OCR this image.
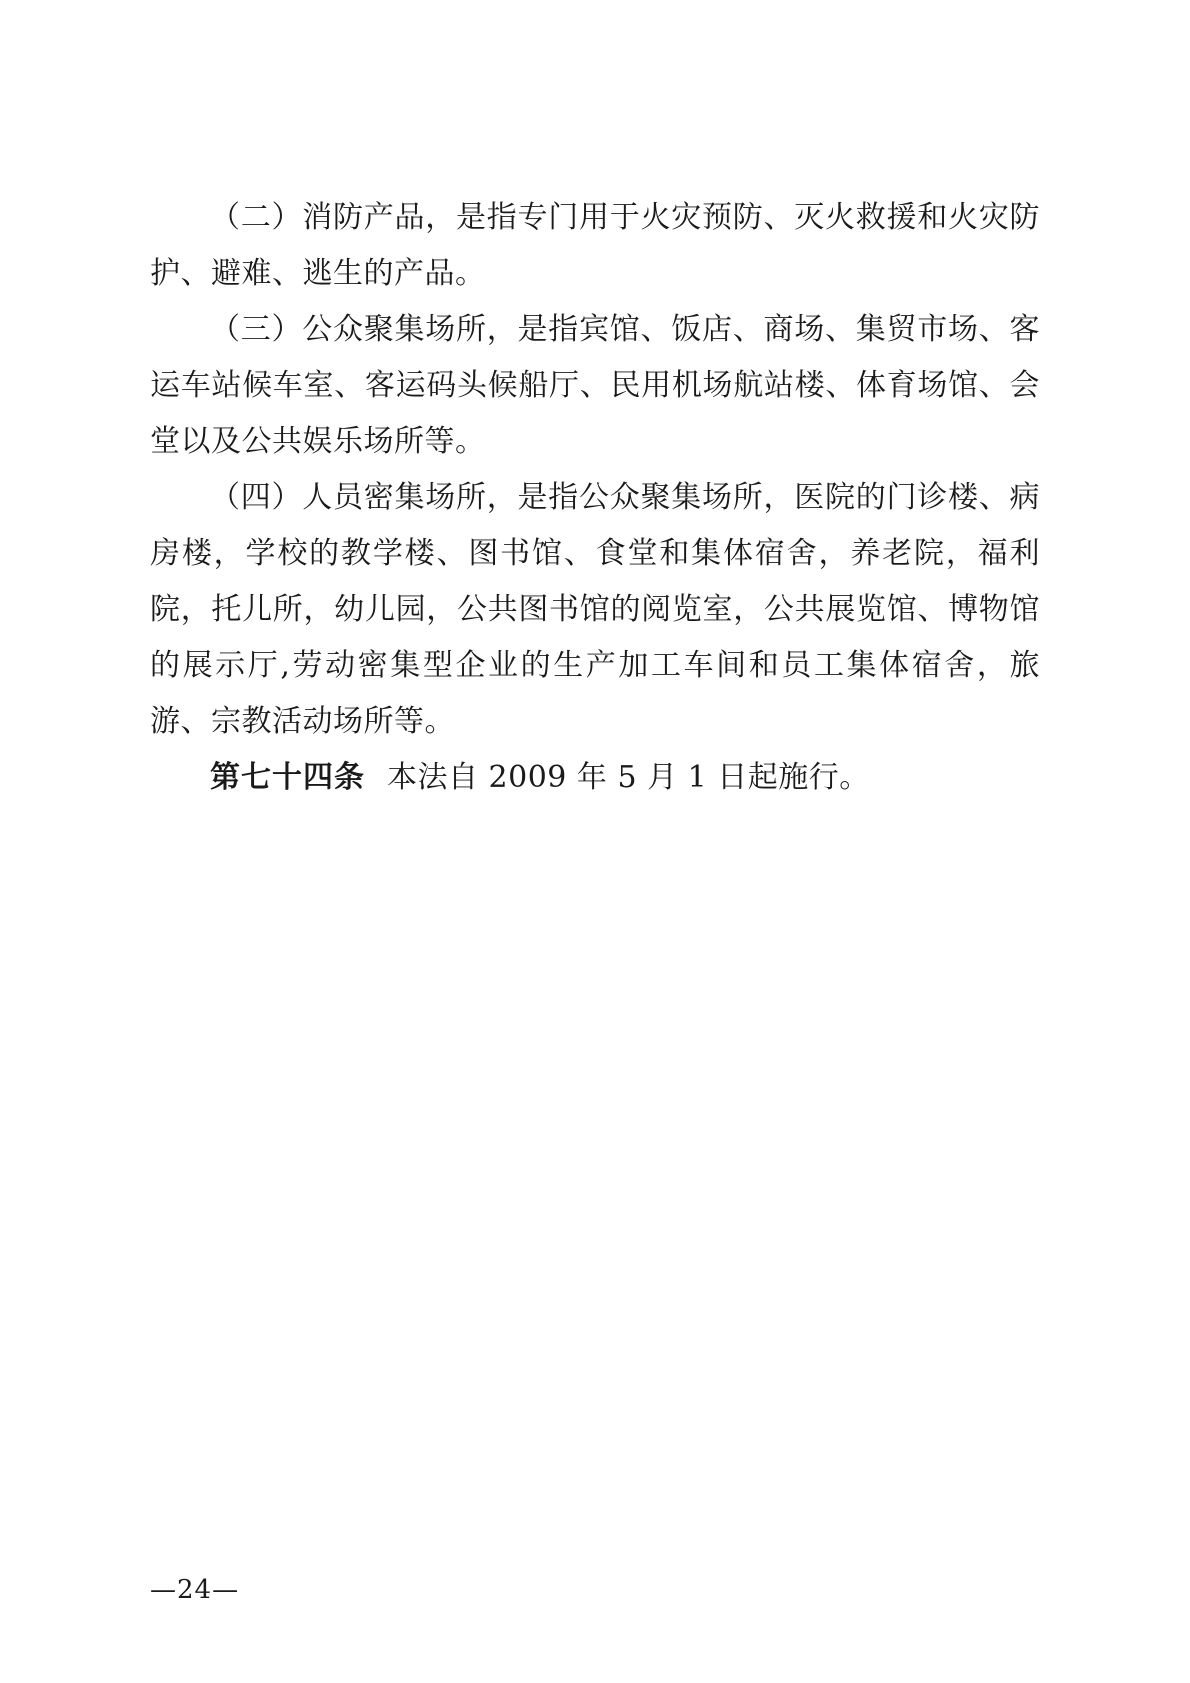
（二）消防产品，是指专门用于火灾预防、灭火救援和火灾防护、避难、逃生的产品。

（三）公众聚集场所，是指宾馆、饭店、商场、集贸市场、客运车站候车室、客运码头候船厅、民用机场航站楼、体育场馆、会堂以及公共娱乐场所等。

（四）人员密集场所，是指公众聚集场所，医院的门诊楼、病房楼，学校的教学楼、图书馆、食堂和集体宿舍，养老院，福利院，托儿所，幼儿园，公共图书馆的阅览室，公共展览馆、博物馆的展示厅,劳动密集型企业的生产加工车间和员工集体宿舍，旅游、宗教活动场所等。

第七十四条 本法自 2009 年 5 月 1 日起施行。

—24—
